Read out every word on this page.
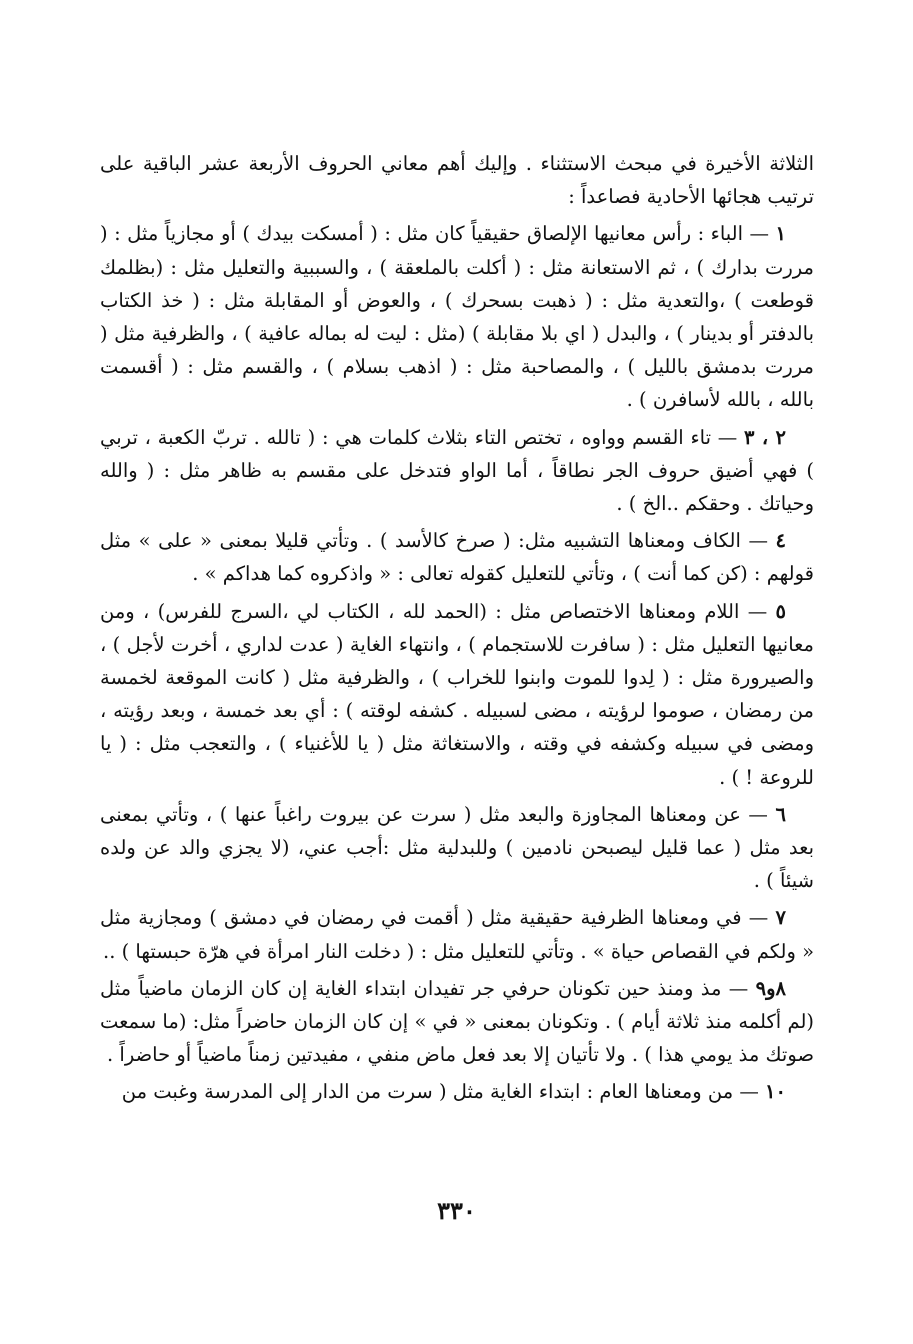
الثلاثة الأخيرة في مبحث الاستثناء . وإليك أهم معاني الحروف الأربعة عشر الباقية على ترتيب هجائها الأحادية فصاعداً :

١ — الباء : رأس معانيها الإلصاق حقيقياً كان مثل : ( أمسكت بيدك ) أو مجازياً مثل : ( مررت بدارك ) ، ثم الاستعانة مثل : ( أكلت بالملعقة ) ، والسببية والتعليل مثل : (بظلمك قوطعت ) ،والتعدية مثل : ( ذهبت بسحرك ) ، والعوض أو المقابلة مثل : ( خذ الكتاب بالدفتر أو بدينار ) ، والبدل ( اي بلا مقابلة ) (مثل : ليت له بماله عافية ) ، والظرفية مثل ( مررت بدمشق بالليل ) ، والمصاحبة مثل : ( اذهب بسلام ) ، والقسم مثل : ( أقسمت بالله ، بالله لأسافرن ) .

٢ ، ٣ — تاء القسم وواوه ، تختص التاء بثلاث كلمات هي : ( تالله . تربّ الكعبة ، تربي ) فهي أضيق حروف الجر نطاقاً ، أما الواو فتدخل على مقسم به ظاهر مثل : ( والله وحياتك . وحقكم ..الخ ) .

٤ — الكاف ومعناها التشبيه مثل: ( صرخ كالأسد ) . وتأتي قليلا بمعنى « على » مثل قولهم : (كن كما أنت ) ، وتأتي للتعليل كقوله تعالى : « واذكروه كما هداكم » .

٥ — اللام ومعناها الاختصاص مثل : (الحمد لله ، الكتاب لي ،السرج للفرس) ، ومن معانيها التعليل مثل : ( سافرت للاستجمام ) ، وانتهاء الغاية ( عدت لداري ، أخرت لأجل ) ، والصيرورة مثل : ( لِدوا للموت وابنوا للخراب ) ، والظرفية مثل ( كانت الموقعة لخمسة من رمضان ، صوموا لرؤيته ، مضى لسبيله . كشفه لوقته ) : أي بعد خمسة ، وبعد رؤيته ، ومضى في سبيله وكشفه في وقته ، والاستغاثة مثل ( يا للأغنياء ) ، والتعجب مثل : ( يا للروعة ! ) .

٦ — عن ومعناها المجاوزة والبعد مثل ( سرت عن بيروت راغباً عنها ) ، وتأتي بمعنى بعد مثل ( عما قليل ليصبحن نادمين ) وللبدلية مثل :أجب عني، (لا يجزي والد عن ولده شيئاً ) .

٧ — في ومعناها الظرفية حقيقية مثل ( أقمت في رمضان في دمشق ) ومجازية مثل « ولكم في القصاص حياة » . وتأتي للتعليل مثل : ( دخلت النار امرأة في هرّة حبستها ) ..

٨و٩ — مذ ومنذ حين تكونان حرفي جر تفيدان ابتداء الغاية إن كان الزمان ماضياً مثل (لم أكلمه منذ ثلاثة أيام ) . وتكونان بمعنى « في » إن كان الزمان حاضراً مثل: (ما سمعت صوتك مذ يومي هذا ) . ولا تأتيان إلا بعد فعل ماض منفي ، مفيدتين زمناً ماضياً أو حاضراً .

١٠ — من ومعناها العام : ابتداء الغاية مثل ( سرت من الدار إلى المدرسة وغبت من

٣٣٠
